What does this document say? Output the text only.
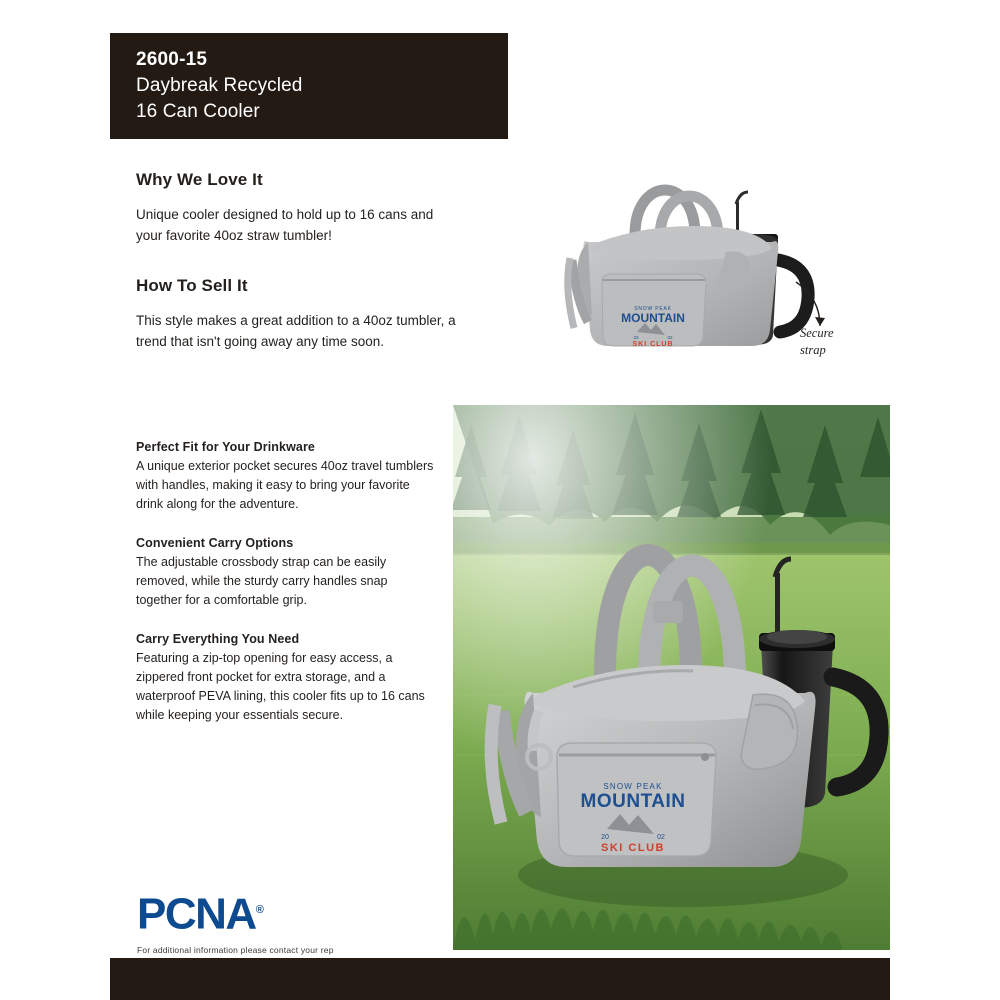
2600-15
Daybreak Recycled
16 Can Cooler
Why We Love It

Unique cooler designed to hold up to 16 cans and your favorite 40oz straw tumbler!

How To Sell It

This style makes a great addition to a 40oz tumbler, a trend that isn't going away any time soon.

Perfect Fit for Your Drinkware

A unique exterior pocket secures 40oz travel tumblers with handles, making it easy to bring your favorite drink along for the adventure.

Convenient Carry Options

The adjustable crossbody strap can be easily removed, while the sturdy carry handles snap together for a comfortable grip.

Carry Everything You Need

Featuring a zip-top opening for easy access, a zippered front pocket for extra storage, and a waterproof PEVA lining, this cooler fits up to 16 cans while keeping your essentials secure.

SNOW PEAK
MOUNTAIN
20	02
SKI CLUB
Secure
strap
SNOW PEAK
MOUNTAIN
20	02
SKI CLUB
PCNA®
For additional information please contact your rep
